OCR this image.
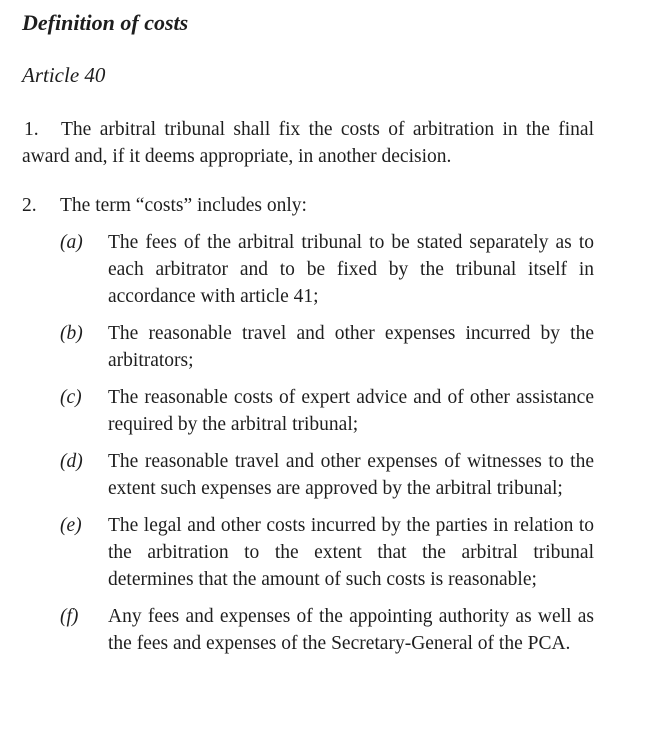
Definition of costs
Article 40

1. The arbitral tribunal shall fix the costs of arbitration in the final award and, if it deems appropriate, in another decision.

2. The term “costs” includes only:

(a)	The fees of the arbitral tribunal to be stated separately as to each arbitrator and to be fixed by the tribunal itself in accordance with article 41;
(b)	The reasonable travel and other expenses incurred by the arbitrators;
(c)	The reasonable costs of expert advice and of other assistance required by the arbitral tribunal;
(d)	The reasonable travel and other expenses of witnesses to the extent such expenses are approved by the arbitral tribunal;
(e)	The legal and other costs incurred by the parties in relation to the arbitration to the extent that the arbitral tribunal determines that the amount of such costs is reasonable;
(f)	Any fees and expenses of the appointing authority as well as the fees and expenses of the Secretary-General of the PCA.
